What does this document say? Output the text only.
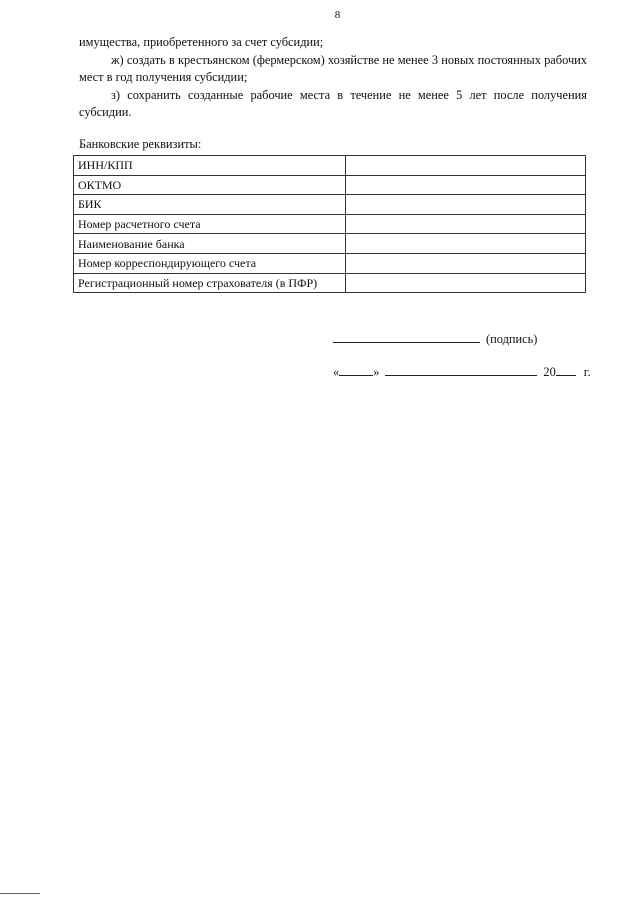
8
имущества, приобретенного за счет субсидии;
ж) создать в крестьянском (фермерском) хозяйстве не менее 3 новых постоянных рабочих мест в год получения субсидии;
з) сохранить созданные рабочие места в течение не менее 5 лет после получения субсидии.
Банковские реквизиты:
ИНН/КПП	
ОКТМО	
БИК	
Номер расчетного счета	
Наименование банка	
Номер корреспондирующего счета	
Регистрационный номер страхователя (в ПФР)	
(подпись)
«	»	20 г.
